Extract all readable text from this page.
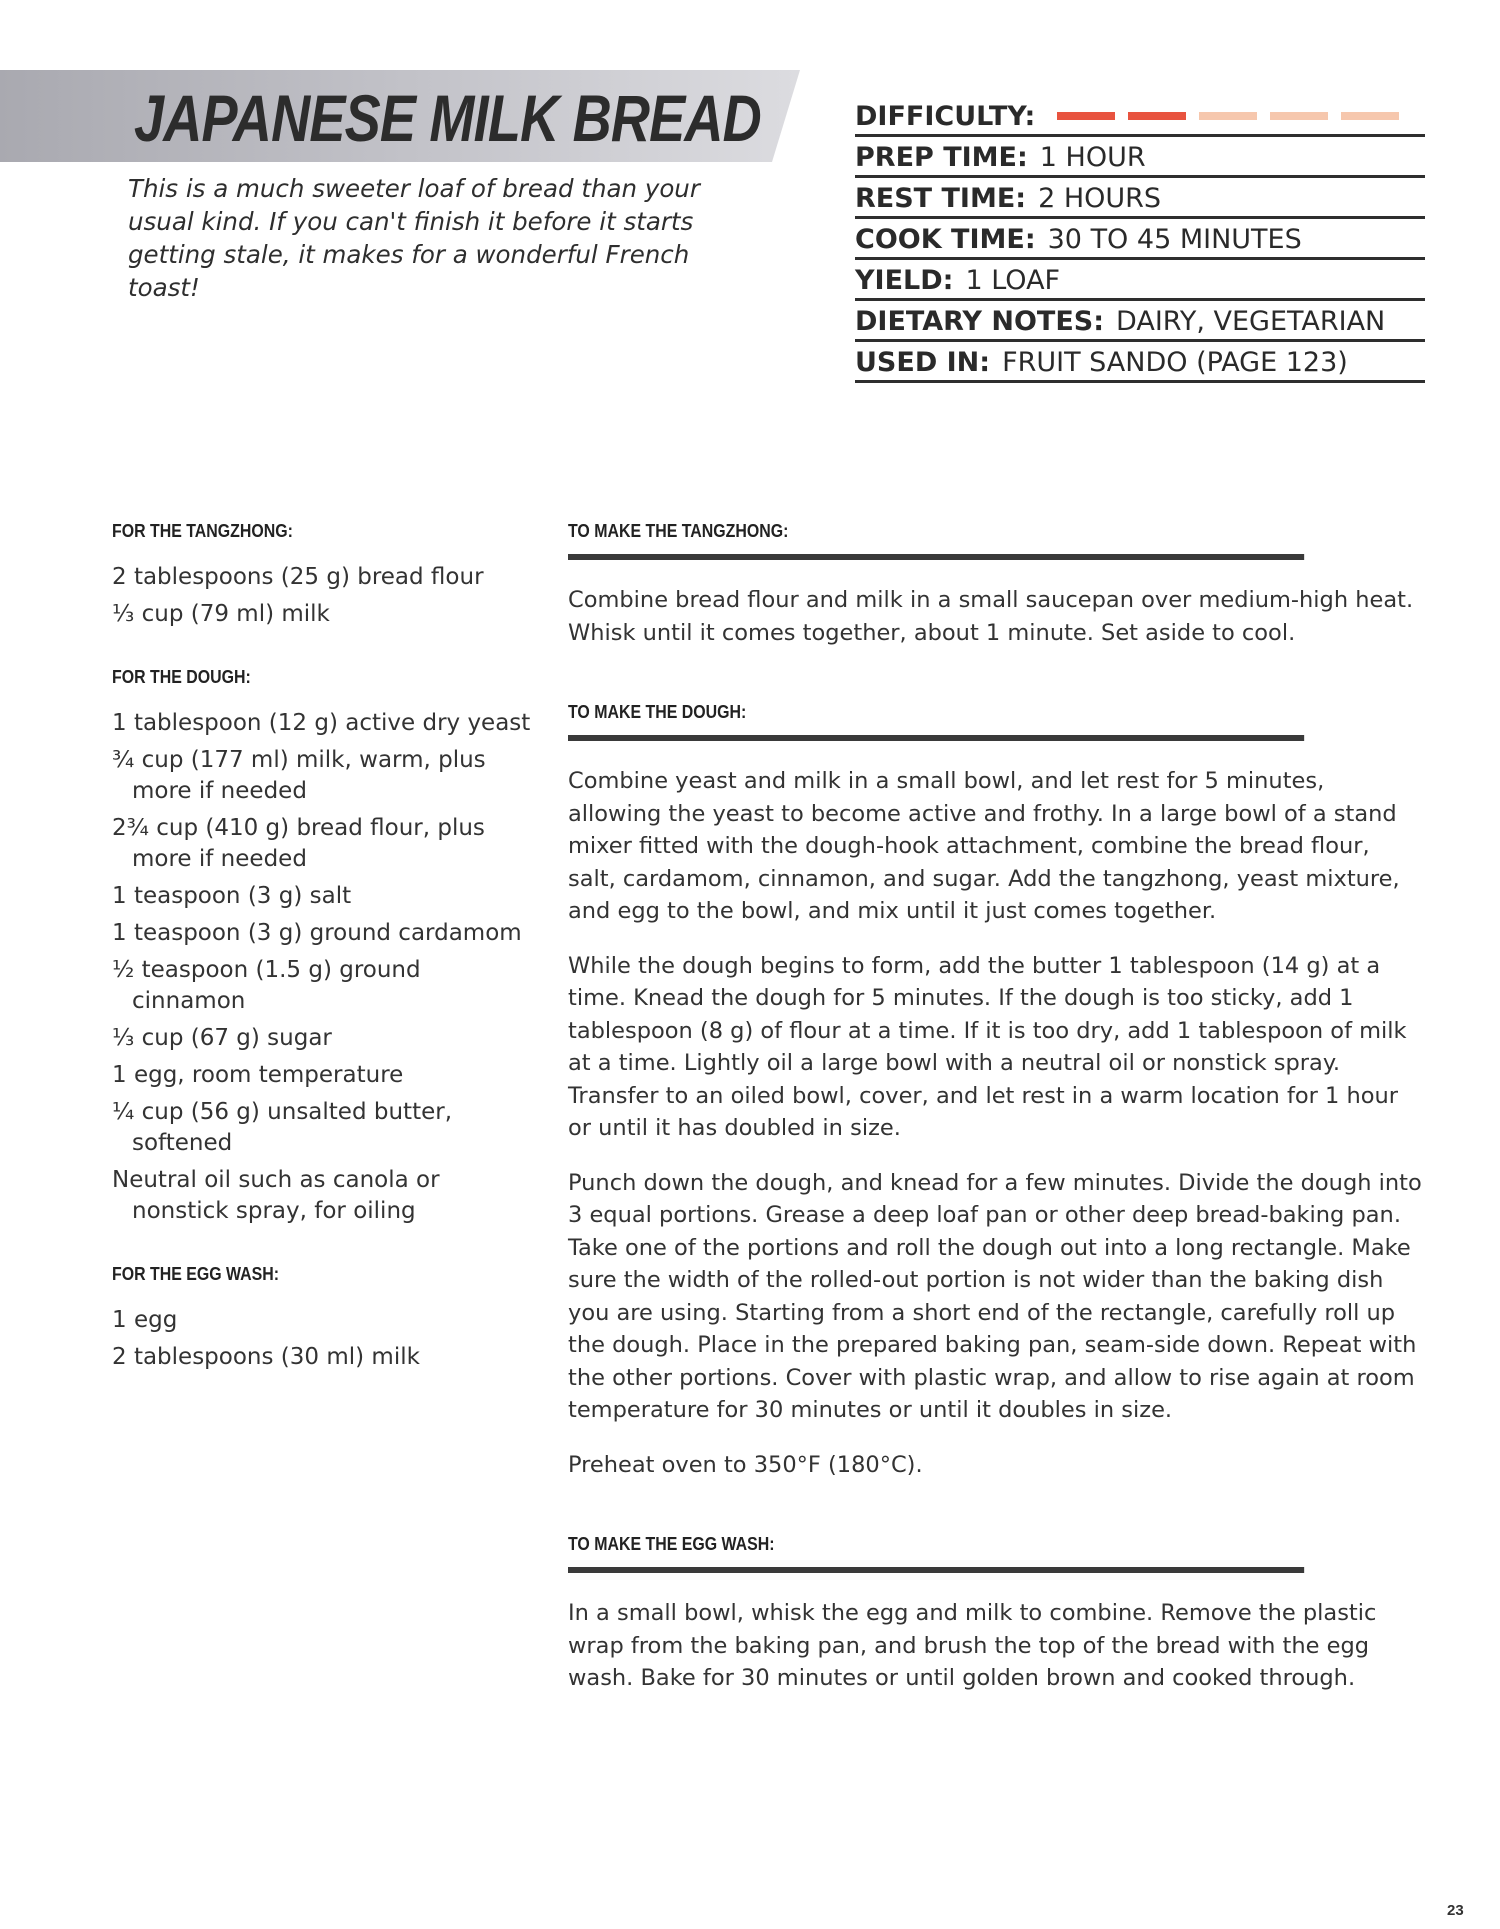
JAPANESE MILK BREAD

This is a much sweeter loaf of bread than your usual kind. If you can't finish it before it starts getting stale, it makes for a wonderful French toast!

DIFFICULTY:
PREP TIME: 1 HOUR
REST TIME: 2 HOURS
COOK TIME: 30 TO 45 MINUTES
YIELD: 1 LOAF
DIETARY NOTES: DAIRY, VEGETARIAN
USED IN: FRUIT SANDO (PAGE 123)
FOR THE TANGZHONG:
2 tablespoons (25 g) bread flour
⅓ cup (79 ml) milk
FOR THE DOUGH:
1 tablespoon (12 g) active dry yeast
¾ cup (177 ml) milk, warm, plus more if needed
2¾ cup (410 g) bread flour, plus more if needed
1 teaspoon (3 g) salt
1 teaspoon (3 g) ground cardamom
½ teaspoon (1.5 g) ground cinnamon
⅓ cup (67 g) sugar
1 egg, room temperature
¼ cup (56 g) unsalted butter, softened
Neutral oil such as canola or nonstick spray, for oiling
FOR THE EGG WASH:
1 egg
2 tablespoons (30 ml) milk
TO MAKE THE TANGZHONG:

Combine bread flour and milk in a small saucepan over medium-high heat. Whisk until it comes together, about 1 minute. Set aside to cool.

TO MAKE THE DOUGH:

Combine yeast and milk in a small bowl, and let rest for 5 minutes, allowing the yeast to become active and frothy. In a large bowl of a stand mixer fitted with the dough-hook attachment, combine the bread flour, salt, cardamom, cinnamon, and sugar. Add the tangzhong, yeast mixture, and egg to the bowl, and mix until it just comes together.

While the dough begins to form, add the butter 1 tablespoon (14 g) at a time. Knead the dough for 5 minutes. If the dough is too sticky, add 1 tablespoon (8 g) of flour at a time. If it is too dry, add 1 tablespoon of milk at a time. Lightly oil a large bowl with a neutral oil or nonstick spray. Transfer to an oiled bowl, cover, and let rest in a warm location for 1 hour or until it has doubled in size.

Punch down the dough, and knead for a few minutes. Divide the dough into 3 equal portions. Grease a deep loaf pan or other deep bread-baking pan. Take one of the portions and roll the dough out into a long rectangle. Make sure the width of the rolled-out portion is not wider than the baking dish you are using. Starting from a short end of the rectangle, carefully roll up the dough. Place in the prepared baking pan, seam-side down. Repeat with the other portions. Cover with plastic wrap, and allow to rise again at room temperature for 30 minutes or until it doubles in size.

Preheat oven to 350°F (180°C).

TO MAKE THE EGG WASH:

In a small bowl, whisk the egg and milk to combine. Remove the plastic wrap from the baking pan, and brush the top of the bread with the egg wash. Bake for 30 minutes or until golden brown and cooked through.

23
